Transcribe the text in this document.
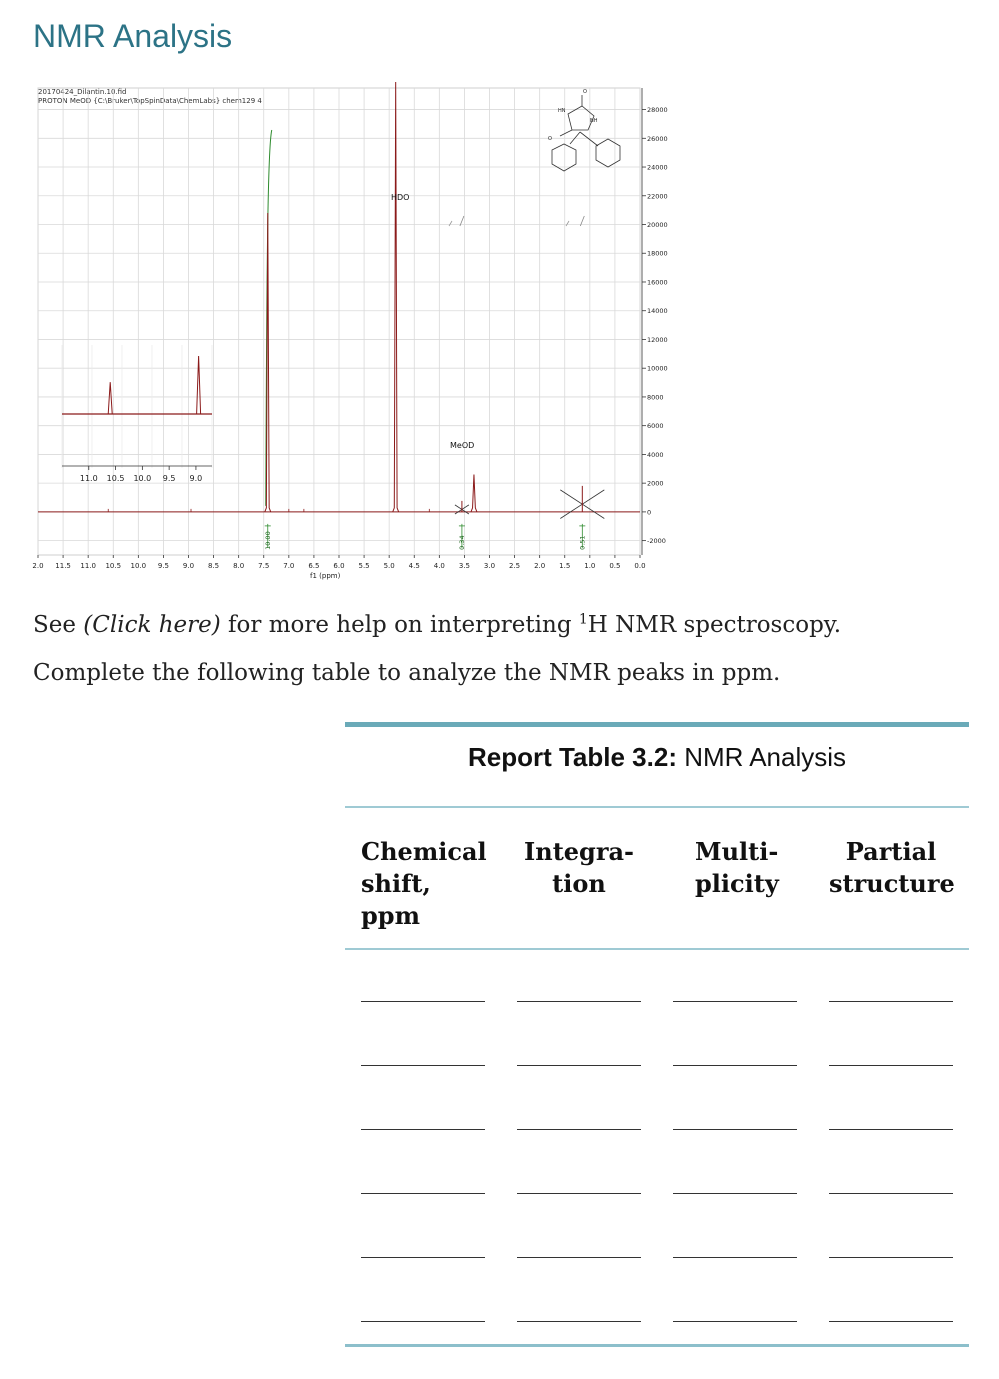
NMR Analysis
20170424_Dilantin.10.fid
PROTON MeOD {C:\Bruker\TopSpinData\ChemLabs} chem129 4
11.0 10.5 10.0 9.5 9.0
10.00	0.34	0.51
28000
26000
24000
22000
20000
18000
16000
14000
12000
10000
8000
6000
4000
2000
0
-2000
2.0 11.5 11.0 10.5 10.0 9.5 9.0 8.5 8.0 7.5 7.0 6.5 6.0 5.5 5.0 4.5 4.0 3.5 3.0 2.5 2.0 1.5 1.0 0.5 0.0
O
HN
NH
O
HDO
MeOD
f1 (ppm)
See (Click here) for more help on interpreting $^1$H NMR spectroscopy.
Complete the following table to analyze the NMR peaks in ppm.
Report Table 3.2: NMR Analysis
Chemical
shift,
ppm
Integra-
tion
Multi-
plicity
Partial
structure
